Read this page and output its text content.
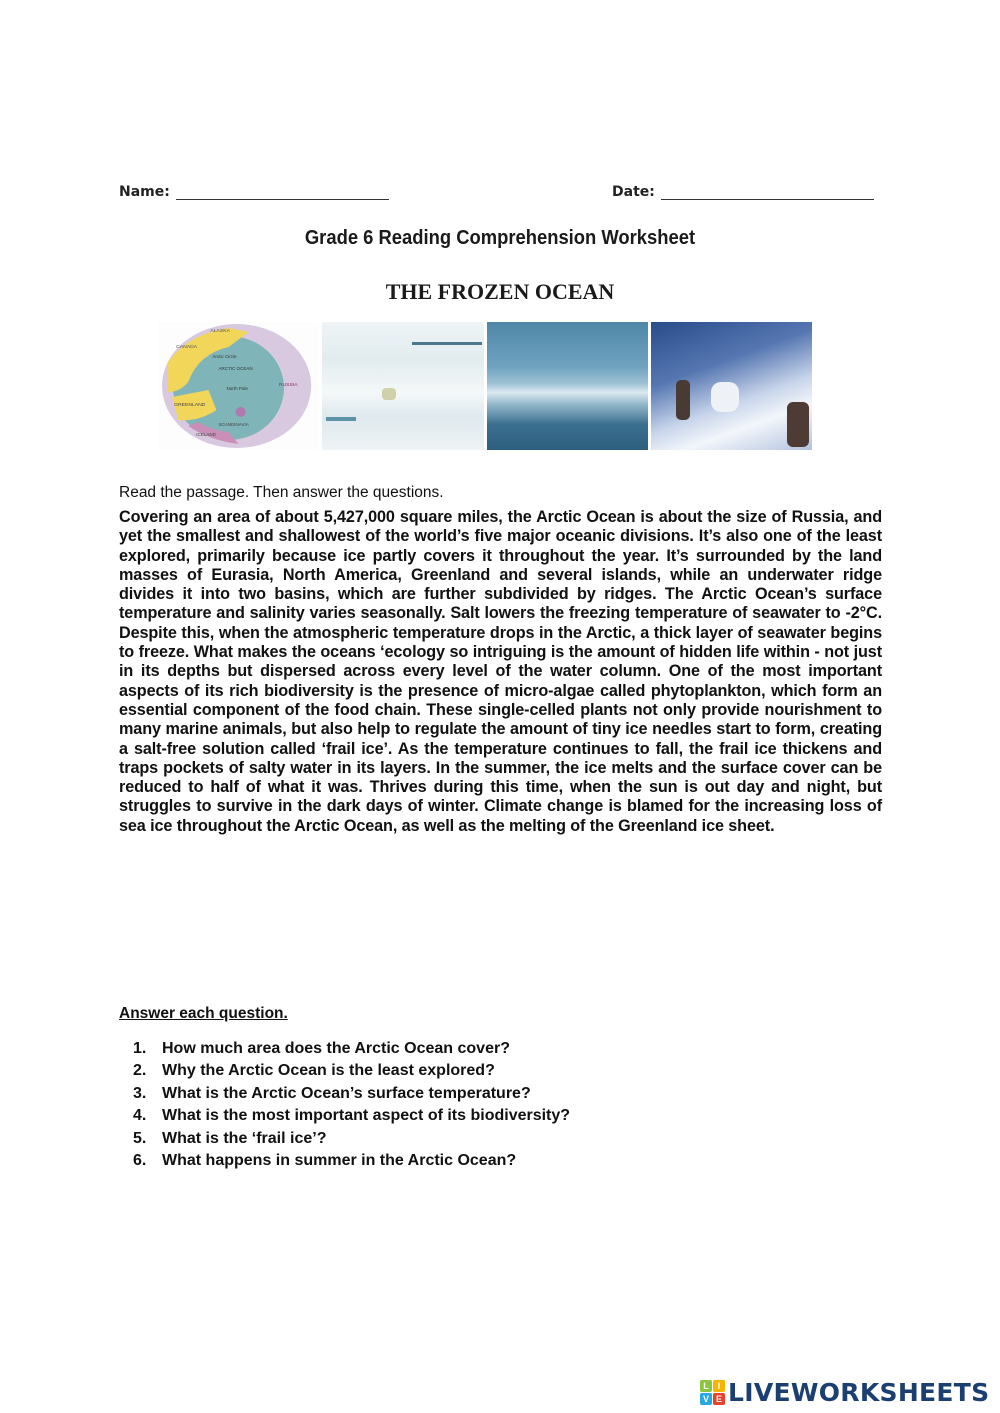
Name:	Date:
Grade 6 Reading Comprehension Worksheet
THE FROZEN OCEAN
ALASKA
CANADA
Arctic Circle
ARCTIC OCEAN
North Pole
RUSSIA
GREENLAND
SCANDINAVIA
ICELAND
Read the passage. Then answer the questions.
Covering an area of about 5,427,000 square miles, the Arctic Ocean is about the size of Russia, and yet the smallest and shallowest of the world’s five major oceanic divisions. It’s also one of the least explored, primarily because ice partly covers it throughout the year. It’s surrounded by the land masses of Eurasia, North America, Greenland and several islands, while an underwater ridge divides it into two basins, which are further subdivided by ridges. The Arctic Ocean’s surface temperature and salinity varies seasonally. Salt lowers the freezing temperature of seawater to -2°C. Despite this, when the atmospheric temperature drops in the Arctic, a thick layer of seawater begins to freeze. What makes the oceans ‘ecology so intriguing is the amount of hidden life within - not just in its depths but dispersed across every level of the water column. One of the most important aspects of its rich biodiversity is the presence of micro-algae called phytoplankton, which form an essential component of the food chain. These single-celled plants not only provide nourishment to many marine animals, but also help to regulate the amount of tiny ice needles start to form, creating a salt-free solution called ‘frail ice’. As the temperature continues to fall, the frail ice thickens and traps pockets of salty water in its layers. In the summer, the ice melts and the surface cover can be reduced to half of what it was. Thrives during this time, when the sun is out day and night, but struggles to survive in the dark days of winter. Climate change is blamed for the increasing loss of sea ice throughout the Arctic Ocean, as well as the melting of the Greenland ice sheet.
Answer each question.
1. How much area does the Arctic Ocean cover?
2. Why the Arctic Ocean is the least explored?
3. What is the Arctic Ocean’s surface temperature?
4. What is the most important aspect of its biodiversity?
5. What is the ‘frail ice’?
6. What happens in summer in the Arctic Ocean?
L I
V E LIVEWORKSHEETS
